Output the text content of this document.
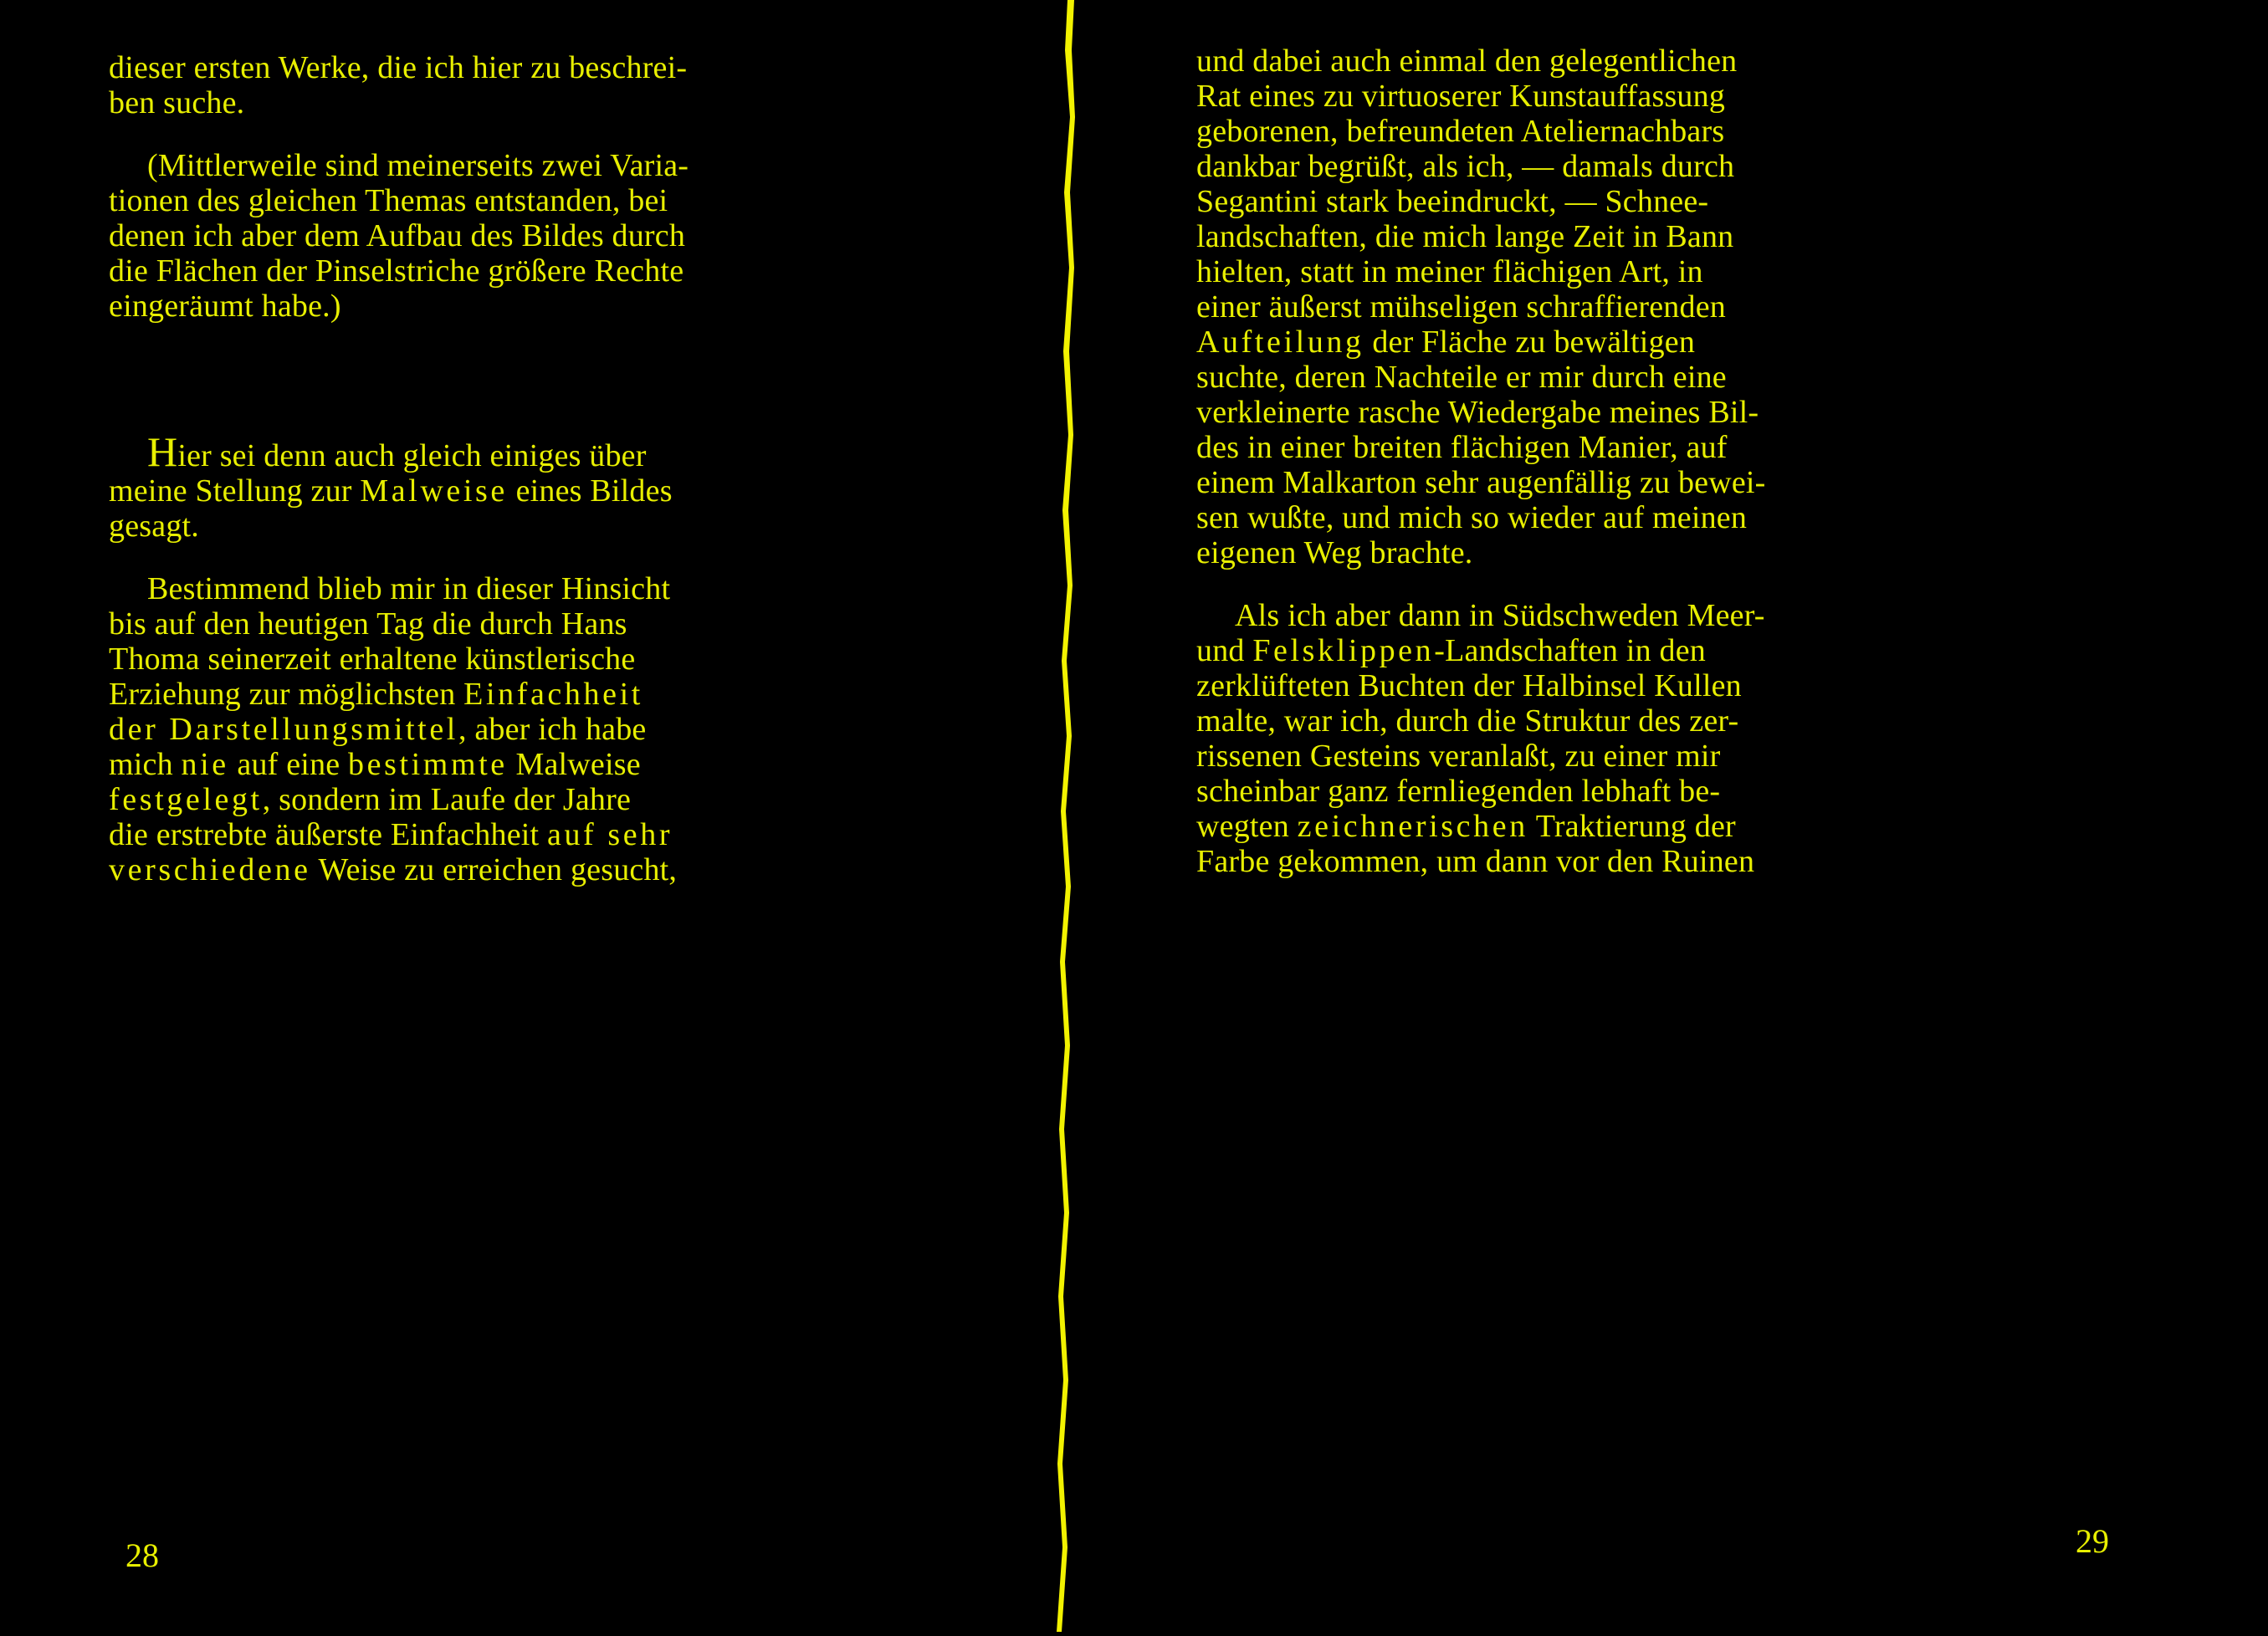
dieser ersten Werke, die ich hier zu beschrei-
ben suche.

(Mittlerweile sind meinerseits zwei Varia-
tionen des gleichen Themas entstanden, bei
denen ich aber dem Aufbau des Bildes durch
die Flächen der Pinselstriche größere Rechte
eingeräumt habe.)

Hier sei denn auch gleich einiges über
meine Stellung zur Malweise eines Bildes
gesagt.

Bestimmend blieb mir in dieser Hinsicht
bis auf den heutigen Tag die durch Hans
Thoma seinerzeit erhaltene künstlerische
Erziehung zur möglichsten Einfachheit
der Darstellungsmittel, aber ich habe
mich nie auf eine bestimmte Malweise
festgelegt, sondern im Laufe der Jahre
die erstrebte äußerste Einfachheit auf sehr
verschiedene Weise zu erreichen gesucht,

28

und dabei auch einmal den gelegentlichen
Rat eines zu virtuoserer Kunstauffassung
geborenen, befreundeten Ateliernachbars
dankbar begrüßt, als ich, — damals durch
Segantini stark beeindruckt, — Schnee-
landschaften, die mich lange Zeit in Bann
hielten, statt in meiner flächigen Art, in
einer äußerst mühseligen schraffierenden
Aufteilung der Fläche zu bewältigen
suchte, deren Nachteile er mir durch eine
verkleinerte rasche Wiedergabe meines Bil-
des in einer breiten flächigen Manier, auf
einem Malkarton sehr augenfällig zu bewei-
sen wußte, und mich so wieder auf meinen
eigenen Weg brachte.

Als ich aber dann in Südschweden Meer-
und Felsklippen-Landschaften in den
zerklüfteten Buchten der Halbinsel Kullen
malte, war ich, durch die Struktur des zer-
rissenen Gesteins veranlaßt, zu einer mir
scheinbar ganz fernliegenden lebhaft be-
wegten zeichnerischen Traktierung der
Farbe gekommen, um dann vor den Ruinen

29
